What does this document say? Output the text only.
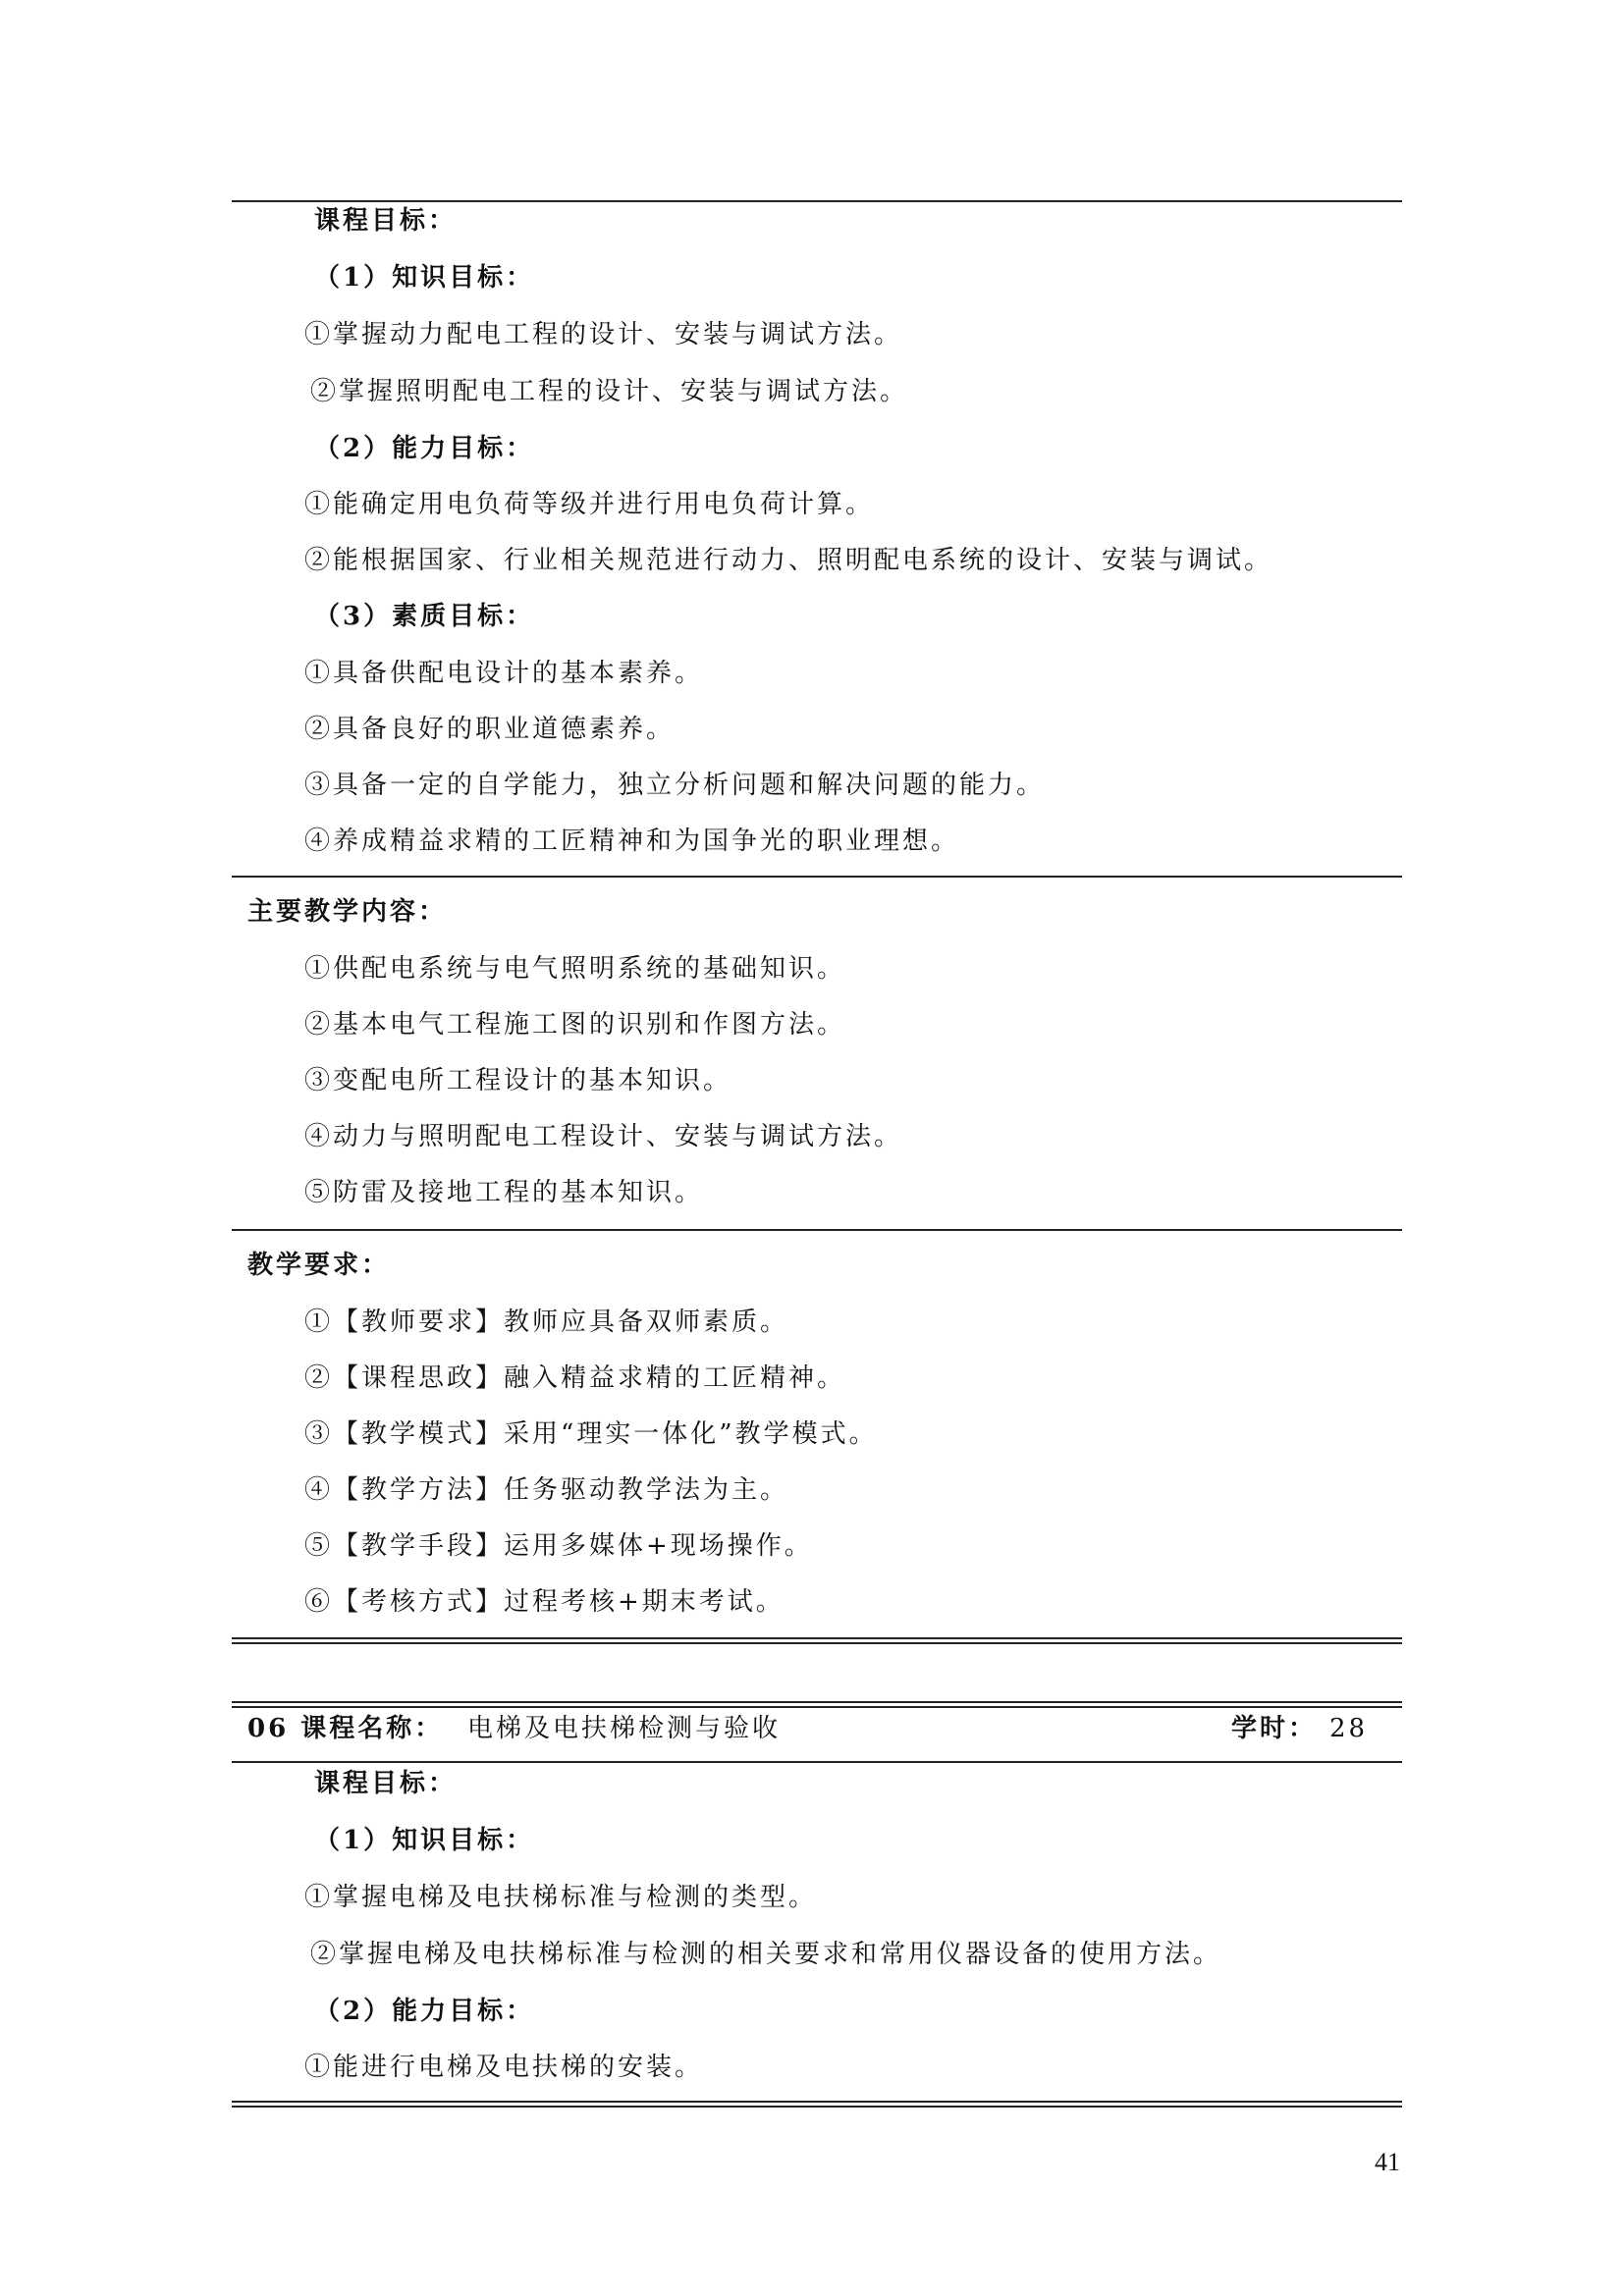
课程目标：
（1）知识目标：
①掌握动力配电工程的设计、安装与调试方法。
②掌握照明配电工程的设计、安装与调试方法。
（2）能力目标：
①能确定用电负荷等级并进行用电负荷计算。
②能根据国家、行业相关规范进行动力、照明配电系统的设计、安装与调试。
（3）素质目标：
①具备供配电设计的基本素养。
②具备良好的职业道德素养。
③具备一定的自学能力，独立分析问题和解决问题的能力。
④养成精益求精的工匠精神和为国争光的职业理想。
主要教学内容：
①供配电系统与电气照明系统的基础知识。
②基本电气工程施工图的识别和作图方法。
③变配电所工程设计的基本知识。
④动力与照明配电工程设计、安装与调试方法。
⑤防雷及接地工程的基本知识。
教学要求：
①【教师要求】教师应具备双师素质。
②【课程思政】融入精益求精的工匠精神。
③【教学模式】采用“理实一体化”教学模式。
④【教学方法】任务驱动教学法为主。
⑤【教学手段】运用多媒体+现场操作。
⑥【考核方式】过程考核+期末考试。
06 课程名称： 电梯及电扶梯检测与验收	学时： 28
课程目标：
（1）知识目标：
①掌握电梯及电扶梯标准与检测的类型。
②掌握电梯及电扶梯标准与检测的相关要求和常用仪器设备的使用方法。
（2）能力目标：
①能进行电梯及电扶梯的安装。
41
